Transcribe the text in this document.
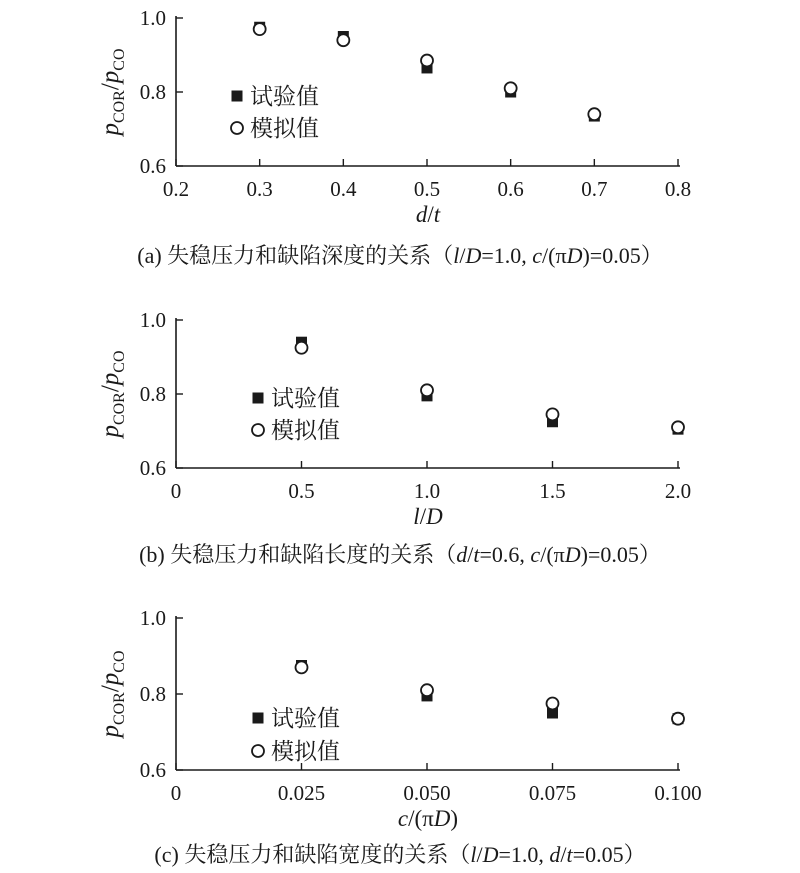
0.2	0.3	0.4	0.5	0.6	0.7	0.8
0.6
0.8
1.0
$p_{COR}/p_{CO}$
d/t
试验值
模拟值
(a) 失稳压力和缺陷深度的关系（l/D=1.0, c/(πD)=0.05）
0	0.5	1.0	1.5	2.0
0.6
0.8
1.0
$p_{COR}/p_{CO}$
l/D
试验值
模拟值
(b) 失稳压力和缺陷长度的关系（d/t=0.6, c/(πD)=0.05）
0	0.025	0.050	0.075	0.100
0.6
0.8
1.0
$p_{COR}/p_{CO}$
c/(πD)
试验值
模拟值
(c) 失稳压力和缺陷宽度的关系（l/D=1.0, d/t=0.05）
